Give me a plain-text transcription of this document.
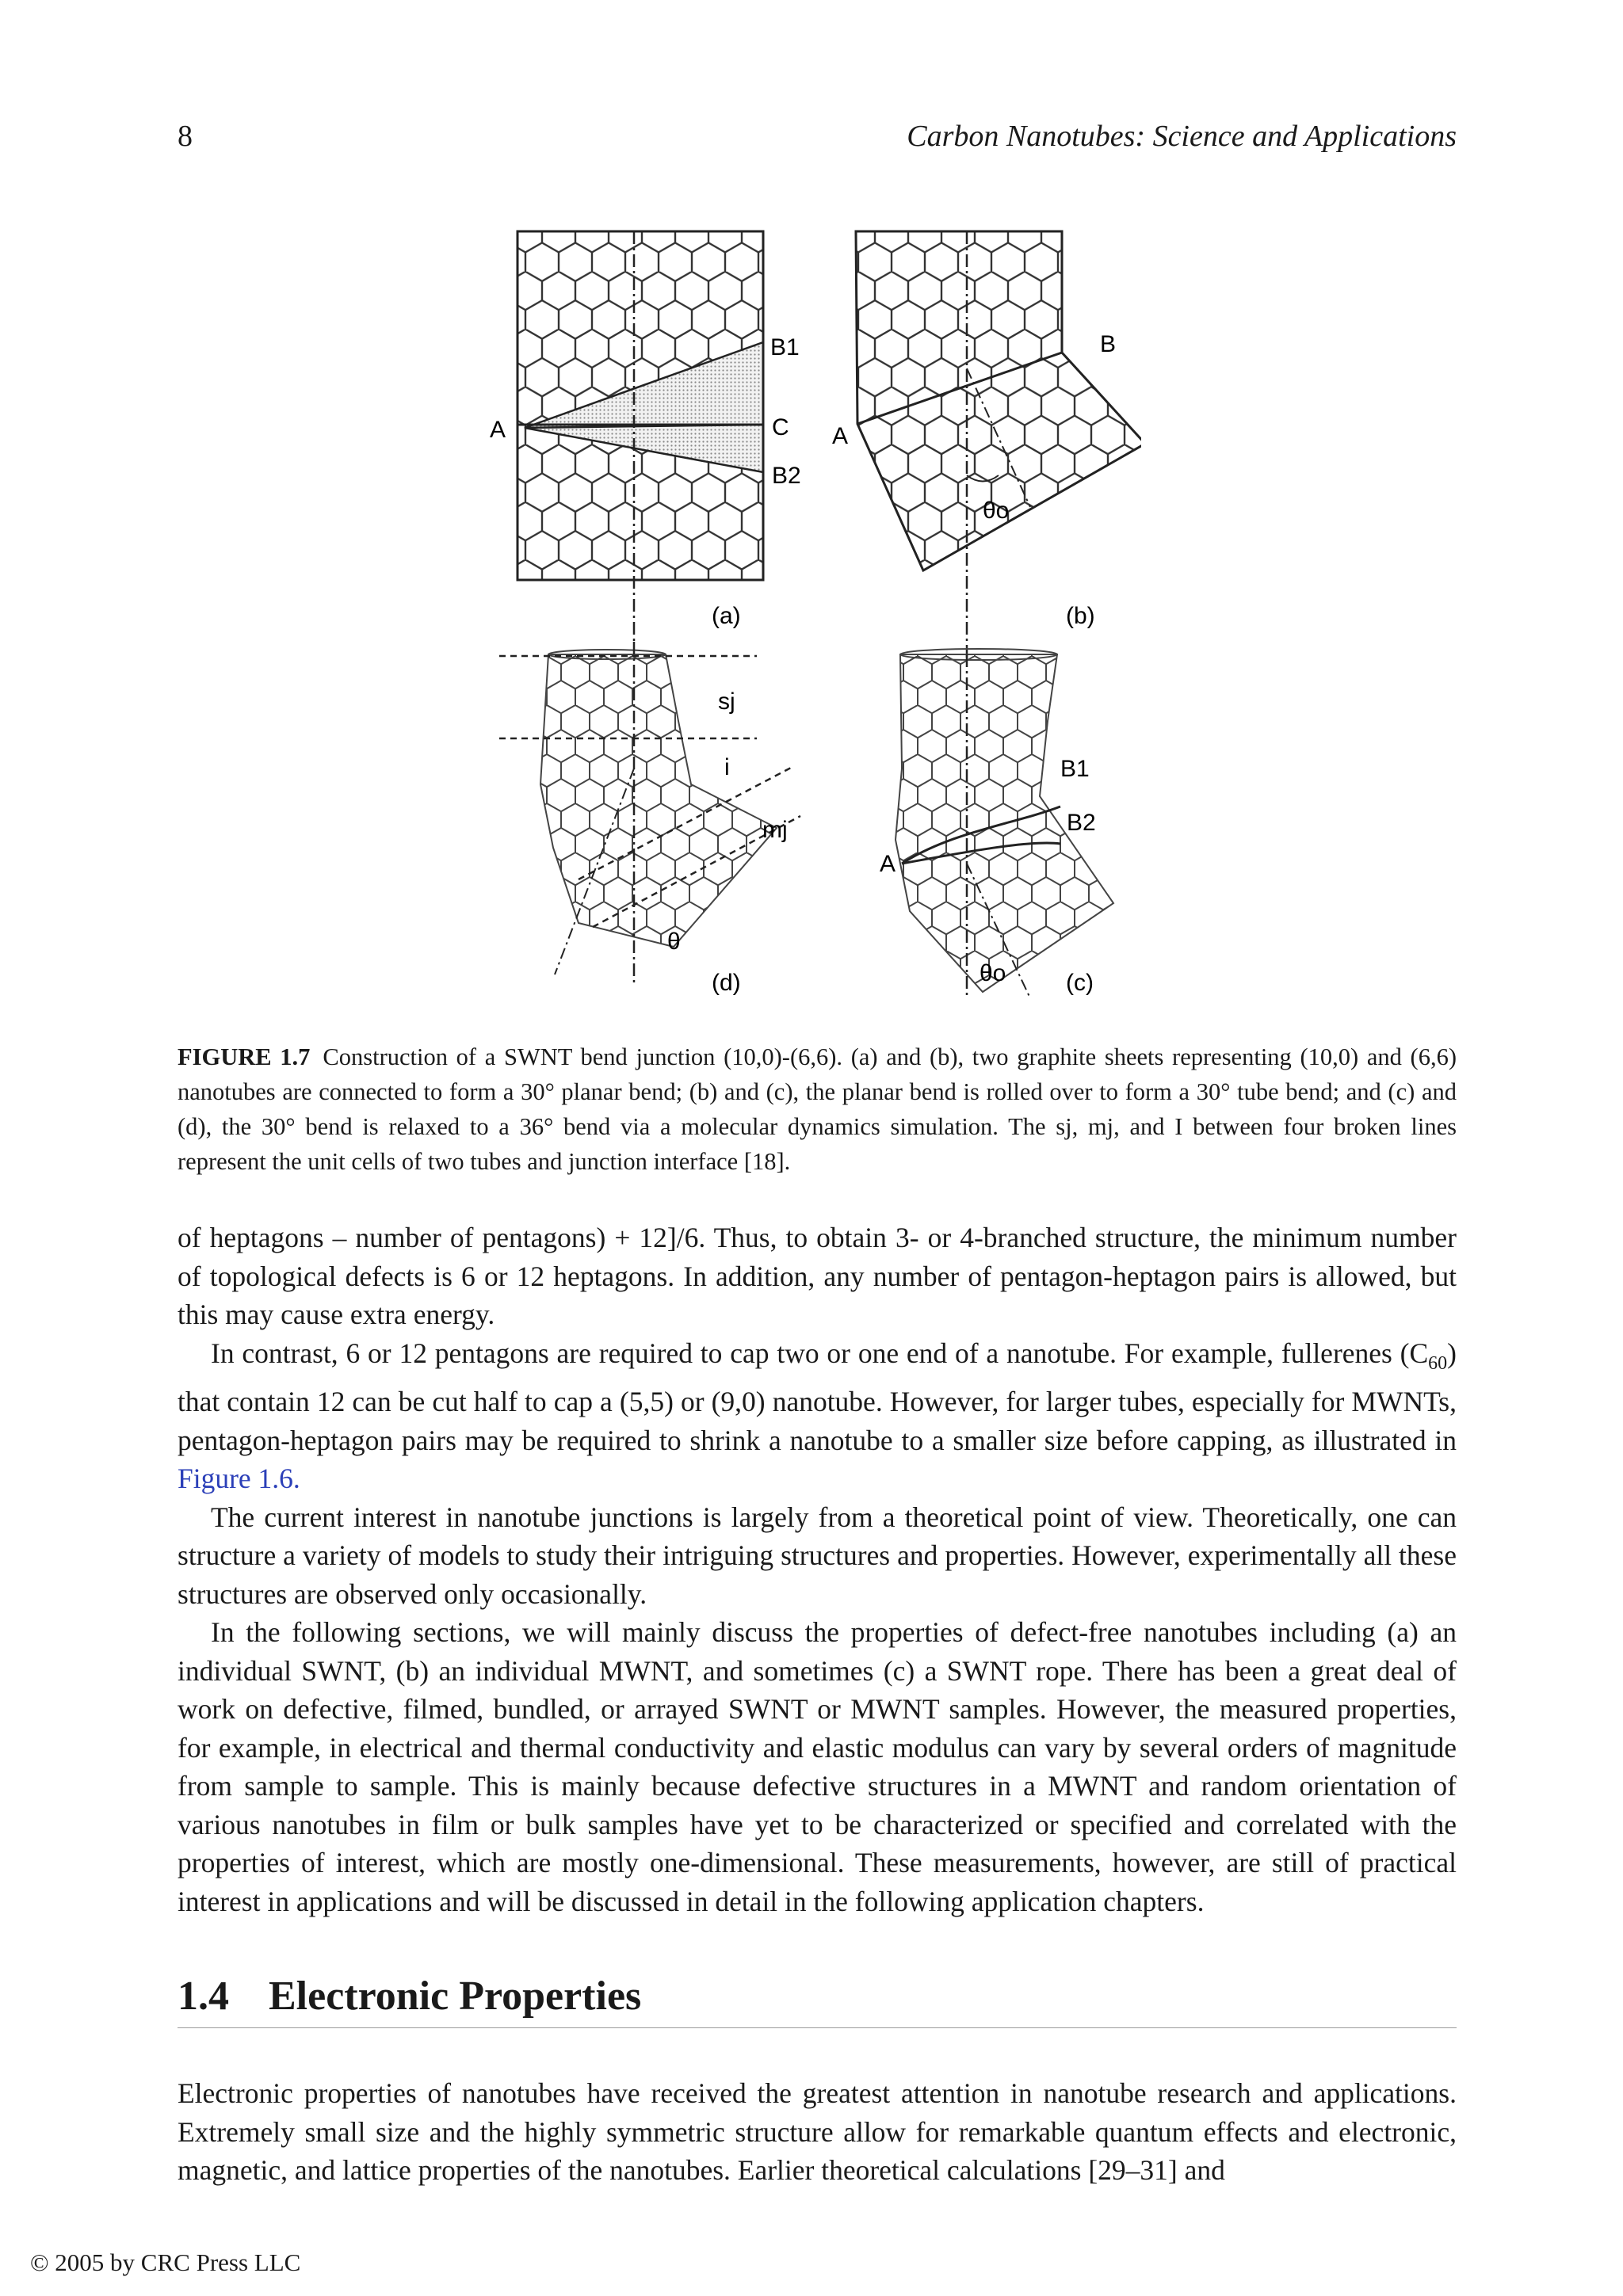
8	Carbon Nanotubes: Science and Applications
B1
A	C
B2
(a)
B
A
θo
(b)
sj
i
mj
θ
(d)
B1
B2
A
θo	(c)
FIGURE 1.7 Construction of a SWNT bend junction (10,0)-(6,6). (a) and (b), two graphite sheets representing (10,0) and (6,6) nanotubes are connected to form a 30° planar bend; (b) and (c), the planar bend is rolled over to form a 30° tube bend; and (c) and (d), the 30° bend is relaxed to a 36° bend via a molecular dynamics simulation. The sj, mj, and I between four broken lines represent the unit cells of two tubes and junction interface [18].

of heptagons – number of pentagons) + 12]/6. Thus, to obtain 3- or 4-branched structure, the minimum number of topological defects is 6 or 12 heptagons. In addition, any number of pentagon-heptagon pairs is allowed, but this may cause extra energy.

In contrast, 6 or 12 pentagons are required to cap two or one end of a nanotube. For example, fullerenes $(C_{60})$ that contain 12 can be cut half to cap a (5,5) or (9,0) nanotube. However, for larger tubes, especially for MWNTs, pentagon-heptagon pairs may be required to shrink a nanotube to a smaller size before capping, as illustrated in Figure 1.6.

The current interest in nanotube junctions is largely from a theoretical point of view. Theoretically, one can structure a variety of models to study their intriguing structures and properties. However, experimentally all these structures are observed only occasionally.

In the following sections, we will mainly discuss the properties of defect-free nanotubes including (a) an individual SWNT, (b) an individual MWNT, and sometimes (c) a SWNT rope. There has been a great deal of work on defective, filmed, bundled, or arrayed SWNT or MWNT samples. However, the measured properties, for example, in electrical and thermal conductivity and elastic modulus can vary by several orders of magnitude from sample to sample. This is mainly because defective structures in a MWNT and random orientation of various nanotubes in film or bulk samples have yet to be characterized or specified and correlated with the properties of interest, which are mostly one-dimensional. These measurements, however, are still of practical interest in applications and will be discussed in detail in the following application chapters.

1.4 Electronic Properties

Electronic properties of nanotubes have received the greatest attention in nanotube research and applications. Extremely small size and the highly symmetric structure allow for remarkable quantum effects and electronic, magnetic, and lattice properties of the nanotubes. Earlier theoretical calculations [29–31] and

© 2005 by CRC Press LLC
